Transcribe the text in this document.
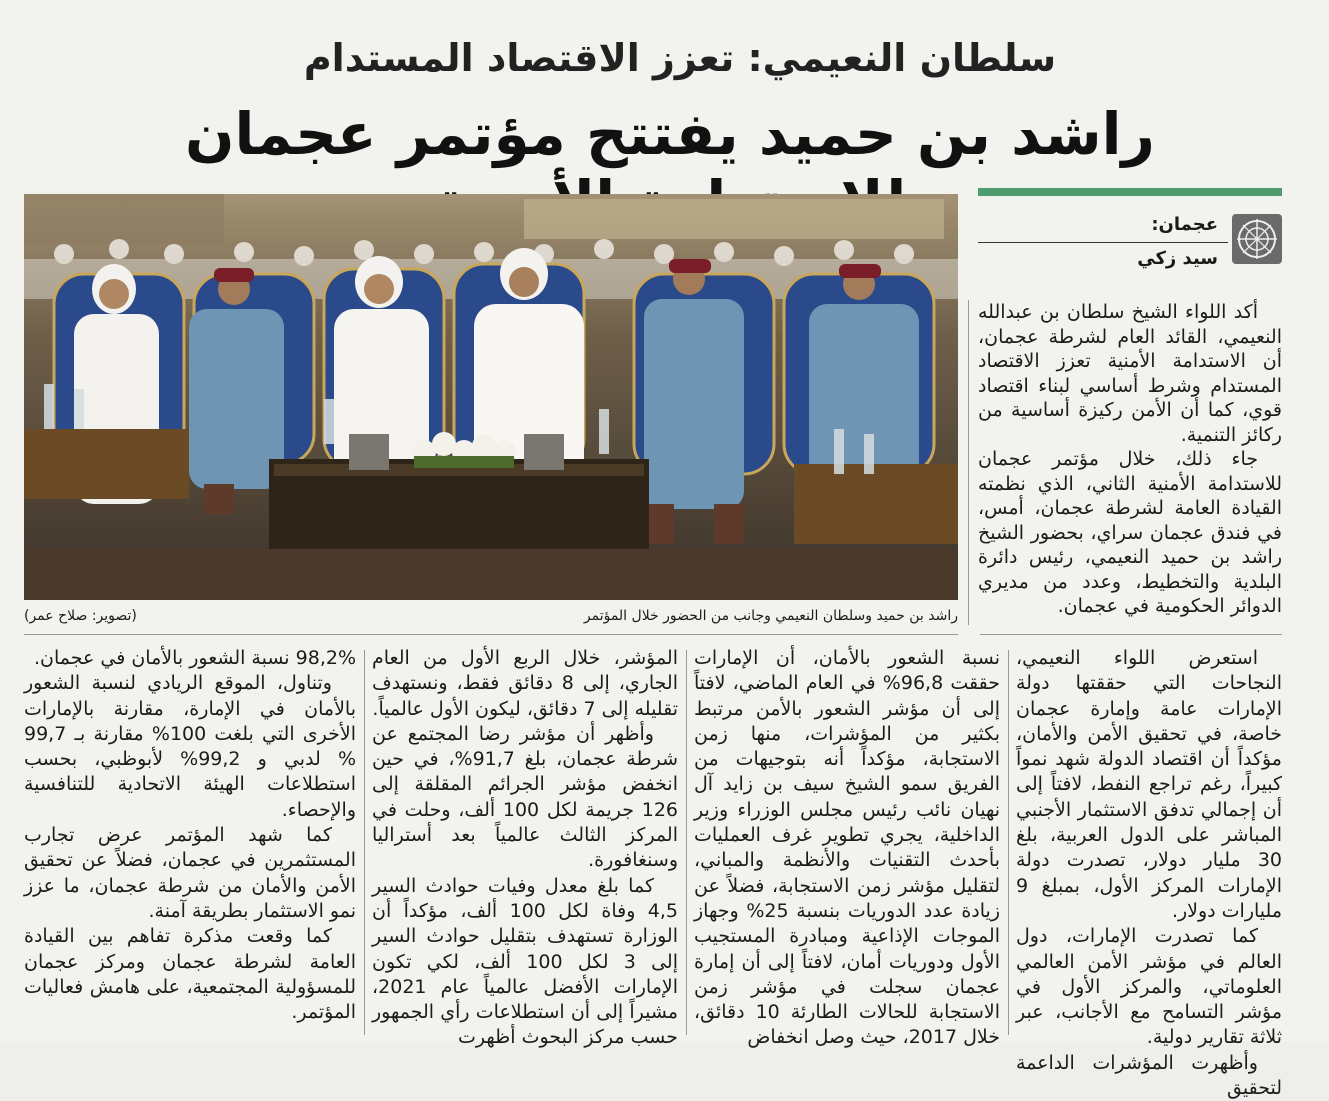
سلطان النعيمي: تعزز الاقتصاد المستدام
راشد بن حميد يفتتح مؤتمر عجمان
عجمان:
سيد زكي
راشد بن حميد وسلطان النعيمي وجانب من الحضور خلال المؤتمر
(تصوير: صلاح عمر)

أكد اللواء الشيخ سلطان بن عبدالله النعيمي، القائد العام لشرطة عجمان، أن الاستدامة الأمنية تعزز الاقتصاد المستدام وشرط أساسي لبناء اقتصاد قوي، كما أن الأمن ركيزة أساسية من ركائز التنمية.

جاء ذلك، خلال مؤتمر عجمان للاستدامة الأمنية الثاني، الذي نظمته القيادة العامة لشرطة عجمان، أمس، في فندق عجمان سراي، بحضور الشيخ راشد بن حميد النعيمي، رئيس دائرة البلدية والتخطيط، وعدد من مديري الدوائر الحكومية في عجمان.

استعرض اللواء النعيمي، النجاحات التي حققتها دولة الإمارات عامة وإمارة عجمان خاصة، في تحقيق الأمن والأمان، مؤكداً أن اقتصاد الدولة شهد نمواً كبيراً، رغم تراجع النفط، لافتاً إلى أن إجمالي تدفق الاستثمار الأجنبي المباشر على الدول العربية، بلغ 30 مليار دولار، تصدرت دولة الإمارات المركز الأول، بمبلغ 9 مليارات دولار.

كما تصدرت الإمارات، دول العالم في مؤشر الأمن العالمي العلوماتي، والمركز الأول في مؤشر التسامح مع الأجانب، عبر ثلاثة تقارير دولية.

وأظهرت المؤشرات الداعمة لتحقيق

نسبة الشعور بالأمان، أن الإمارات حققت 96,8% في العام الماضي، لافتاً إلى أن مؤشر الشعور بالأمن مرتبط بكثير من المؤشرات، منها زمن الاستجابة، مؤكداً أنه بتوجيهات من الفريق سمو الشيخ سيف بن زايد آل نهيان نائب رئيس مجلس الوزراء وزير الداخلية، يجري تطوير غرف العمليات بأحدث التقنيات والأنظمة والمباني، لتقليل مؤشر زمن الاستجابة، فضلاً عن زيادة عدد الدوريات بنسبة 25% وجهاز الموجات الإذاعية ومبادرة المستجيب الأول ودوريات أمان، لافتاً إلى أن إمارة عجمان سجلت في مؤشر زمن الاستجابة للحالات الطارئة 10 دقائق، خلال 2017، حيث وصل انخفاض

المؤشر، خلال الربع الأول من العام الجاري، إلى 8 دقائق فقط، ونستهدف تقليله إلى 7 دقائق، ليكون الأول عالمياً.

وأظهر أن مؤشر رضا المجتمع عن شرطة عجمان، بلغ 91,7%، في حين انخفض مؤشر الجرائم المقلقة إلى 126 جريمة لكل 100 ألف، وحلت في المركز الثالث عالمياً بعد أستراليا وسنغافورة.

كما بلغ معدل وفيات حوادث السير 4,5 وفاة لكل 100 ألف، مؤكداً أن الوزارة تستهدف بتقليل حوادث السير إلى 3 لكل 100 ألف، لكي تكون الإمارات الأفضل عالمياً عام 2021، مشيراً إلى أن استطلاعات رأي الجمهور حسب مركز البحوث أظهرت

98,2% نسبة الشعور بالأمان في عجمان.

وتناول، الموقع الريادي لنسبة الشعور بالأمان في الإمارة، مقارنة بالإمارات الأخرى التي بلغت 100% مقارنة بـ 99,7 % لدبي و 99,2% لأبوظبي، بحسب استطلاعات الهيئة الاتحادية للتنافسية والإحصاء.

كما شهد المؤتمر عرض تجارب المستثمرين في عجمان، فضلاً عن تحقيق الأمن والأمان من شرطة عجمان، ما عزز نمو الاستثمار بطريقة آمنة.

كما وقعت مذكرة تفاهم بين القيادة العامة لشرطة عجمان ومركز عجمان للمسؤولية المجتمعية، على هامش فعاليات المؤتمر.
